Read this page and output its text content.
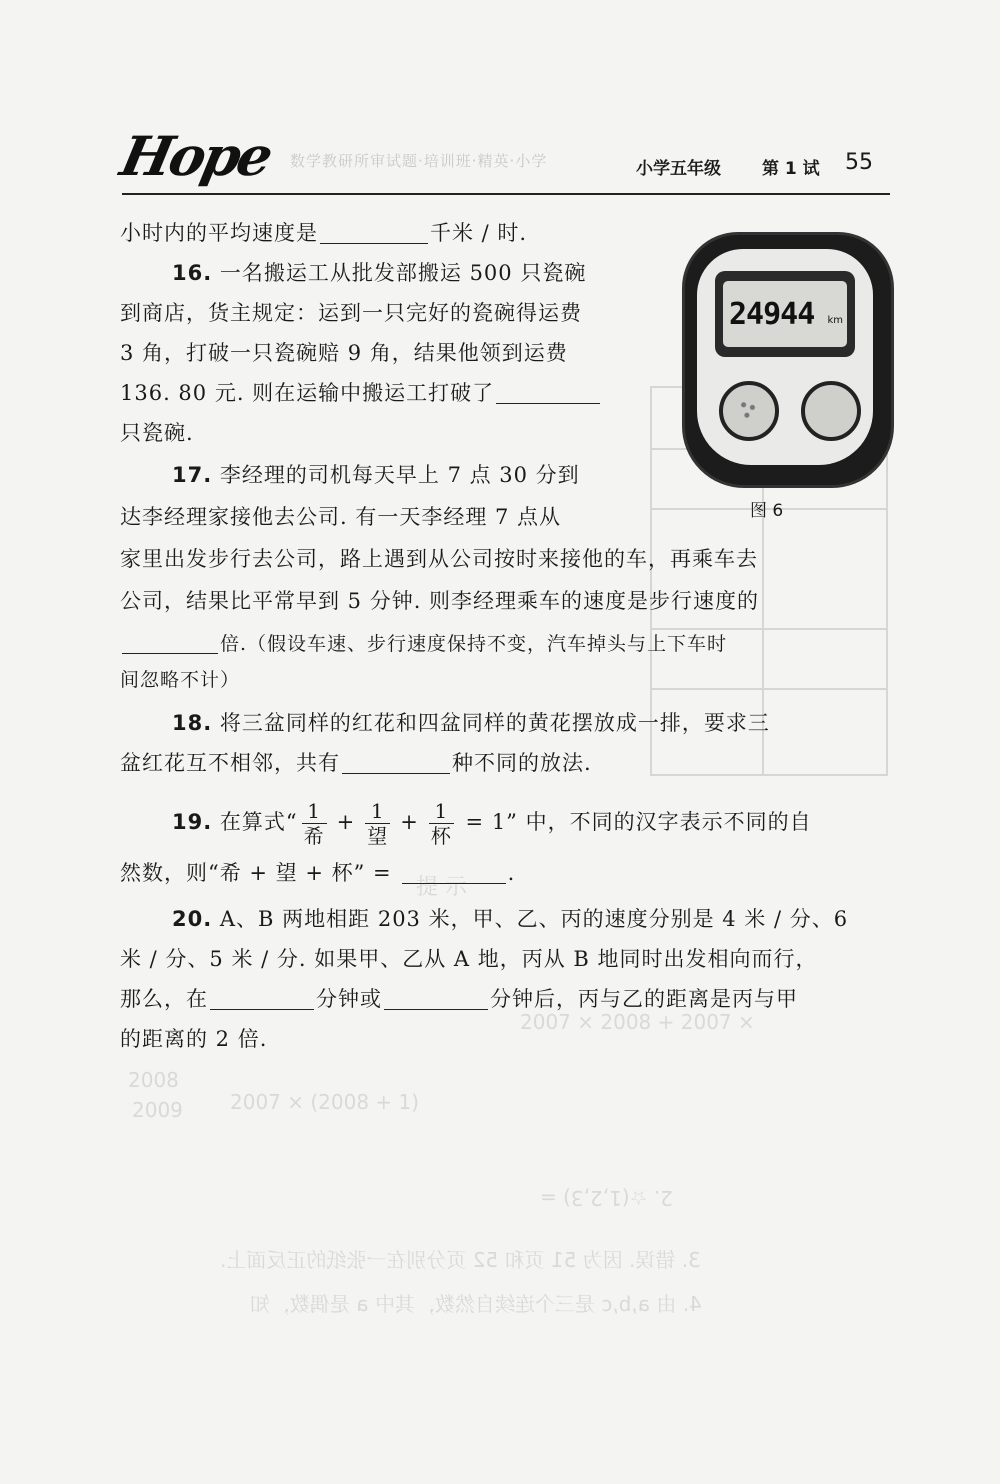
提 示
2007 × 2008 + 2007 ×
2008
2007 × (2008 + 1)
2009
2. ☆(1,2,3) =
3. 错误. 因为 51 页和 52 页分别在一张纸的正反面上.
4. 由 a,b,c 是三个连续自然数，其中 a 是偶数，知
Hope 数学教研所审试题·培训班·精英·小学	小学五年级 第 1 试 55
小时内的平均速度是	千米 / 时.
16. 一名搬运工从批发部搬运 500 只瓷碗
到商店，货主规定：运到一只完好的瓷碗得运费
3 角，打破一只瓷碗赔 9 角，结果他领到运费
136. 80 元. 则在运输中搬运工打破了
只瓷碗.
17. 李经理的司机每天早上 7 点 30 分到
达李经理家接他去公司. 有一天李经理 7 点从
家里出发步行去公司，路上遇到从公司按时来接他的车，再乘车去
公司，结果比平常早到 5 分钟. 则李经理乘车的速度是步行速度的
倍.（假设车速、步行速度保持不变，汽车掉头与上下车时
间忽略不计）
18. 将三盆同样的红花和四盆同样的黄花摆放成一排，要求三
盆红花互不相邻，共有	种不同的放法.
19. 在算式“ $\frac{1}{\text{希}} + \frac{1}{\text{望}} + \frac{1}{\text{杯}} = 1$” 中，不同的汉字表示不同的自
然数，则“希 + 望 + 杯” =	.
20. A、B 两地相距 203 米，甲、乙、丙的速度分别是 4 米 / 分、6
米 / 分、5 米 / 分. 如果甲、乙从 A 地，丙从 B 地同时出发相向而行，
那么，在	分钟或	分钟后，丙与乙的距离是丙与甲
的距离的 2 倍.
24944 km
图 6
